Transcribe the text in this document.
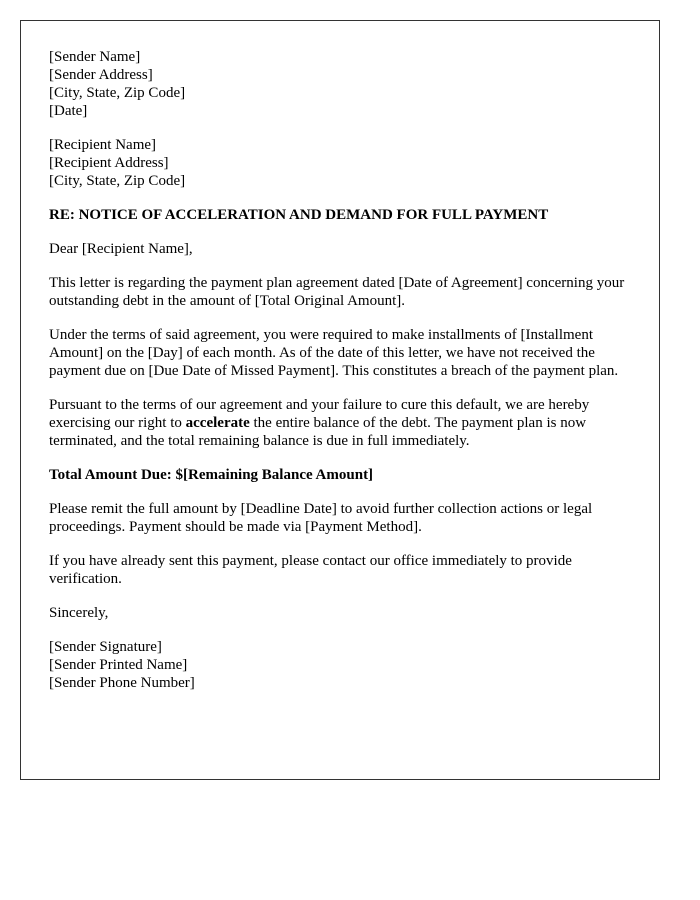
[Sender Name]
[Sender Address]
[City, State, Zip Code]
[Date]
[Recipient Name]
[Recipient Address]
[City, State, Zip Code]
RE: NOTICE OF ACCELERATION AND DEMAND FOR FULL PAYMENT

Dear [Recipient Name],

This letter is regarding the payment plan agreement dated [Date of Agreement] concerning your outstanding debt in the amount of [Total Original Amount].

Under the terms of said agreement, you were required to make installments of [Installment Amount] on the [Day] of each month. As of the date of this letter, we have not received the payment due on [Due Date of Missed Payment]. This constitutes a breach of the payment plan.

Pursuant to the terms of our agreement and your failure to cure this default, we are hereby exercising our right to accelerate the entire balance of the debt. The payment plan is now terminated, and the total remaining balance is due in full immediately.

Total Amount Due: $[Remaining Balance Amount]

Please remit the full amount by [Deadline Date] to avoid further collection actions or legal proceedings. Payment should be made via [Payment Method].

If you have already sent this payment, please contact our office immediately to provide verification.

Sincerely,

[Sender Signature]
[Sender Printed Name]
[Sender Phone Number]
